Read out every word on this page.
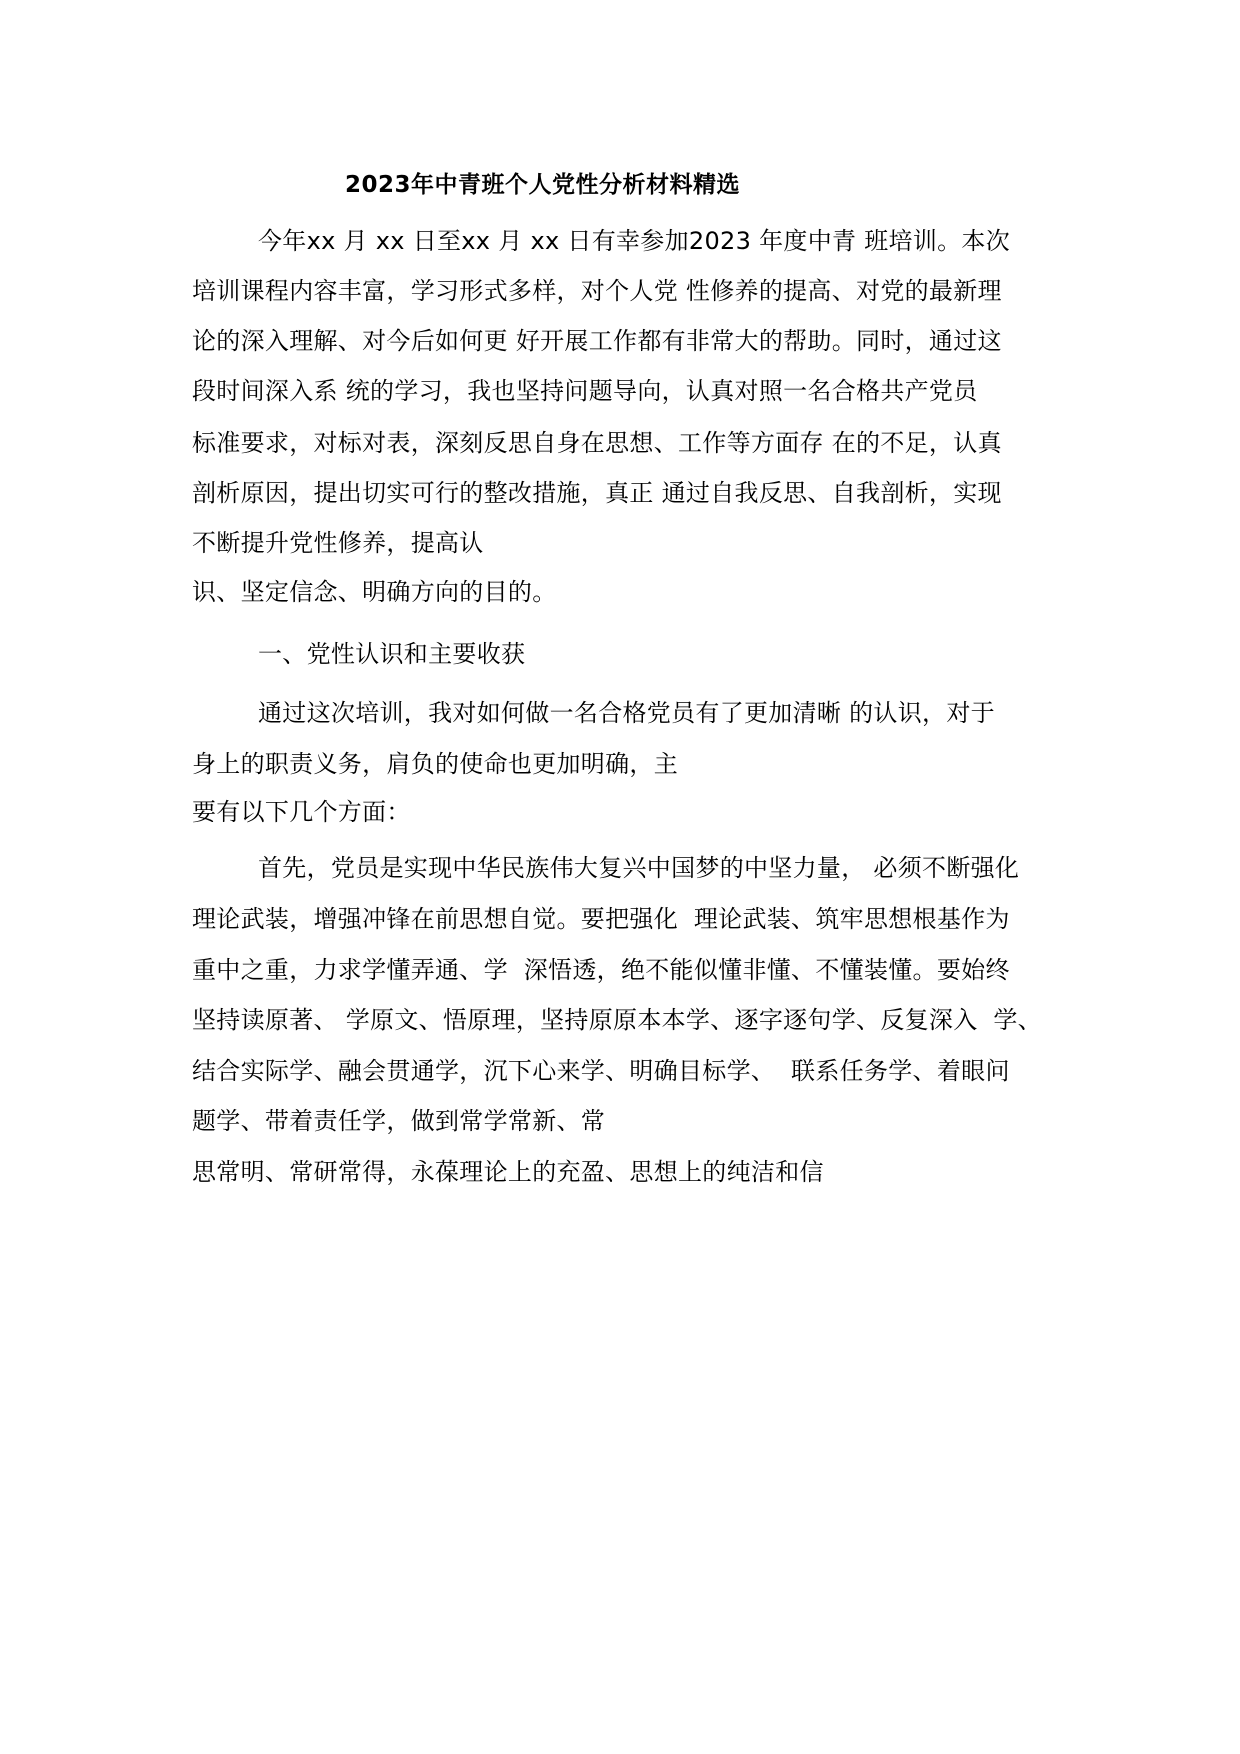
2023年中青班个人党性分析材料精选
今年xx 月 xx 日至xx 月 xx 日有幸参加2023 年度中青 班培训。本次
培训课程内容丰富，学习形式多样，对个人党 性修养的提高、对党的最新理
论的深入理解、对今后如何更 好开展工作都有非常大的帮助。同时，通过这
段时间深入系 统的学习，我也坚持问题导向，认真对照一名合格共产党员
标准要求，对标对表，深刻反思自身在思想、工作等方面存 在的不足，认真
剖析原因，提出切实可行的整改措施，真正 通过自我反思、自我剖析，实现
不断提升党性修养，提高认
识、坚定信念、明确方向的目的。
一、党性认识和主要收获
通过这次培训，我对如何做一名合格党员有了更加清晰 的认识，对于
身上的职责义务，肩负的使命也更加明确，主
要有以下几个方面：
首先，党员是实现中华民族伟大复兴中国梦的中坚力量， 必须不断强化
理论武装，增强冲锋在前思想自觉。要把强化  理论武装、筑牢思想根基作为
重中之重，力求学懂弄通、学  深悟透，绝不能似懂非懂、不懂装懂。要始终
坚持读原著、 学原文、悟原理，坚持原原本本学、逐字逐句学、反复深入  学、
结合实际学、融会贯通学，沉下心来学、明确目标学、  联系任务学、着眼问
题学、带着责任学，做到常学常新、常
思常明、常研常得，永葆理论上的充盈、思想上的纯洁和信
